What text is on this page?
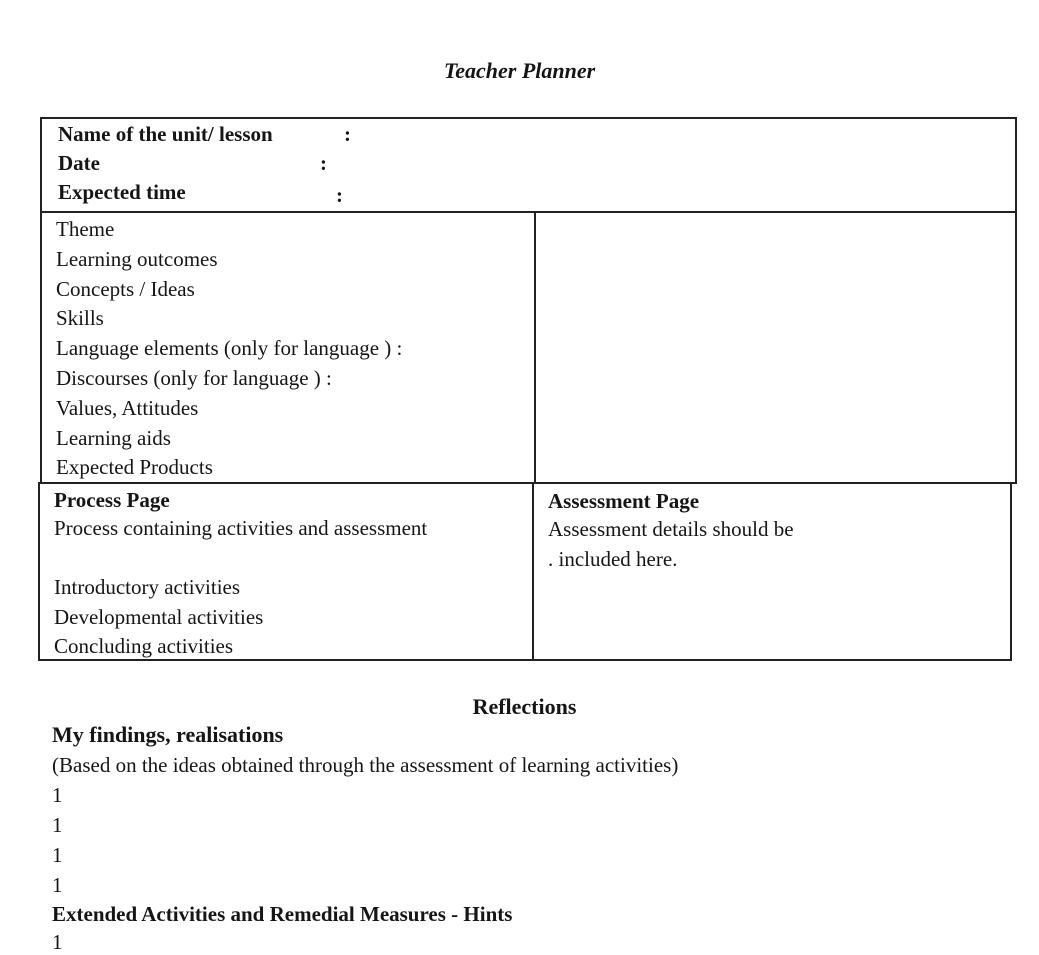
Teacher Planner
Name of the unit/ lesson	:
Date	:
Expected time	:
Theme
Learning outcomes
Concepts / Ideas
Skills
Language elements (only for language ) :
Discourses (only for language ) :
Values, Attitudes
Learning aids
Expected Products
Process Page
Process containing activities and assessment
Introductory activities
Developmental activities
Concluding activities
Assessment Page
Assessment details should be
. included here.
Reflections
My findings, realisations
(Based on the ideas obtained through the assessment of learning activities)
1
1
1
1
Extended Activities and Remedial Measures - Hints
1
